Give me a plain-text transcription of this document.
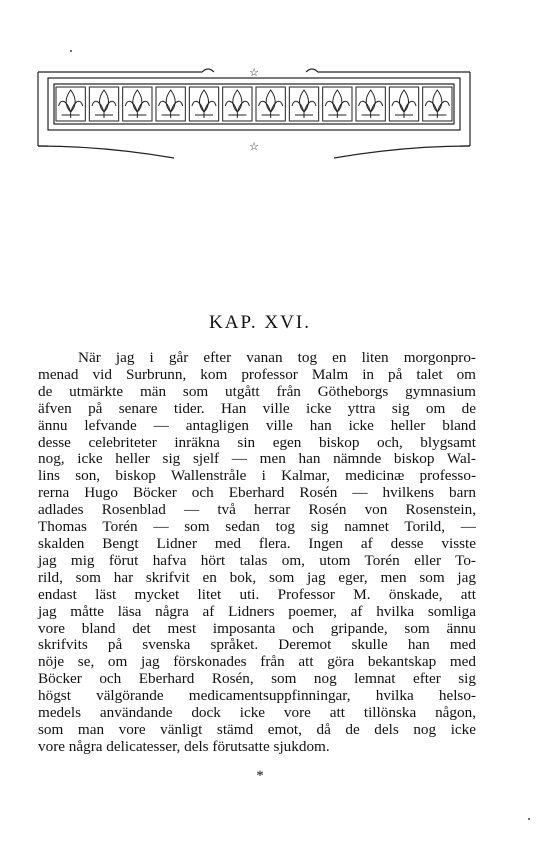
☆
☆
KAP. XVI.

När jag i går efter vanan tog en liten morgonpro-
menad vid Surbrunn, kom professor Malm in på talet om
de utmärkte män som utgått från Götheborgs gymnasium
äfven på senare tider. Han ville icke yttra sig om de
ännu lefvande — antagligen ville han icke heller bland
desse celebriteter inräkna sin egen biskop och, blygsamt
nog, icke heller sig sjelf — men han nämnde biskop Wal-
lins son, biskop Wallenstråle i Kalmar, medicinæ professo-
rerna Hugo Böcker och Eberhard Rosén — hvilkens barn
adlades Rosenblad — två herrar Rosén von Rosenstein,
Thomas Torén — som sedan tog sig namnet Torild, —
skalden Bengt Lidner med flera. Ingen af desse visste
jag mig förut hafva hört talas om, utom Torén eller To-
rild, som har skrifvit en bok, som jag eger, men som jag
endast läst mycket litet uti. Professor M. önskade, att
jag måtte läsa några af Lidners poemer, af hvilka somliga
vore bland det mest imposanta och gripande, som ännu
skrifvits på svenska språket. Deremot skulle han med
nöje se, om jag förskonades från att göra bekantskap med
Böcker och Eberhard Rosén, som nog lemnat efter sig
högst välgörande medicamentsuppfinningar, hvilka helso-
medels användande dock icke vore att tillönska någon,
som man vore vänligt stämd emot, då de dels nog icke
vore några delicatesser, dels förutsatte sjukdom.

*
